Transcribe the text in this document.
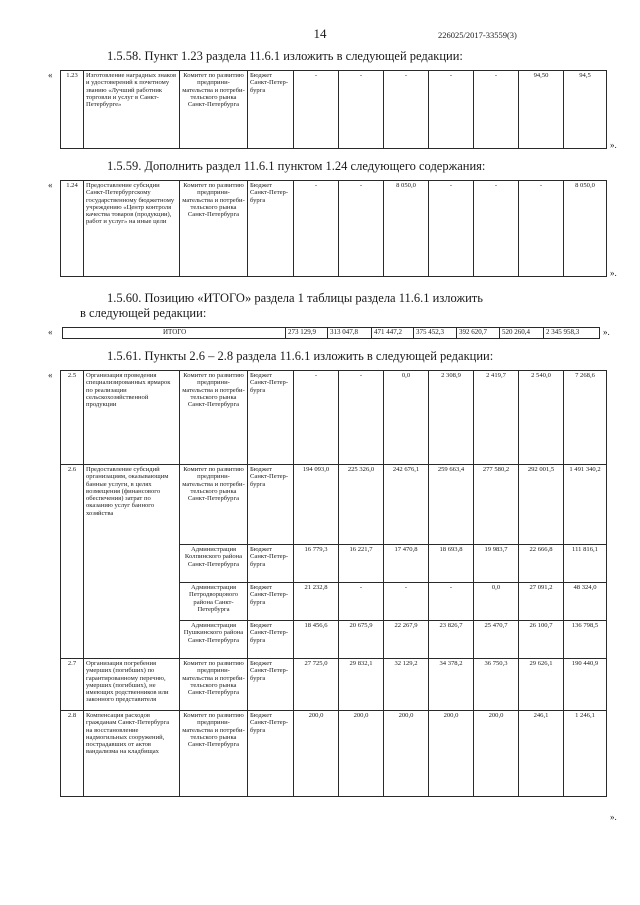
14	226025/2017-33559(3)
1.5.58. Пункт 1.23 раздела 11.6.1 изложить в следующей редакции:
« 1.23	Изготовление наградных знаков и удостоверений к почетному званию «Лучший работник торговли и услуг в Санкт-Петербурге»	Комитет по развитию предприни-мательства и потреби-тельского рынка Санкт-Петербурга	Бюджет Санкт-Петер-бурга	-	-	-	-	-	94,50	94,5
».
1.5.59. Дополнить раздел 11.6.1 пунктом 1.24 следующего содержания:
« 1.24	Предоставление субсидии Санкт-Петербургскому государственному бюджетному учреждению «Центр контроля качества товаров (продукции), работ и услуг» на иные цели	Комитет по развитию предприни-мательства и потреби-тельского рынка Санкт-Петербурга	Бюджет Санкт-Петер-бурга	-	-	8 050,0	-	-	-	8 050,0
».
1.5.60. Позицию «ИТОГО» раздела 1 таблицы раздела 11.6.1 изложить
в следующей редакции:
«	ИТОГО	273 129,9	313 047,8	471 447,2	375 452,3	392 620,7	520 260,4	2 345 958,3	».
1.5.61. Пункты 2.6 – 2.8 раздела 11.6.1 изложить в следующей редакции:
« 2.5	Организация проведения специализированных ярмарок по реализации сельскохозяйственной продукции	Комитет по развитию предприни-мательства и потреби-тельского рынка Санкт-Петербурга	Бюджет Санкт-Петер-бурга	-	-	0,0	2 308,9	2 419,7	2 540,0	7 268,6
2.6	Предоставление субсидий организациям, оказывающим банные услуги, в целях возмещения (финансового обеспечения) затрат по оказанию услуг банного хозяйства	Комитет по развитию предприни-мательства и потреби-тельского рынка Санкт-Петербурга	Бюджет Санкт-Петер-бурга	194 093,0	225 326,0	242 676,1	259 663,4	277 580,2	292 001,5	1 491 340,2
		Администрация Колпинского района Санкт-Петербурга	Бюджет Санкт-Петер-бурга	16 779,3	16 221,7	17 470,8	18 693,8	19 983,7	22 666,8	111 816,1
		Администрация Петродворцового района Санкт-Петербурга	Бюджет Санкт-Петер-бурга	21 232,8	-	-	-	0,0	27 091,2	48 324,0
		Администрация Пушкинского района Санкт-Петербурга	Бюджет Санкт-Петер-бурга	18 456,6	20 675,9	22 267,9	23 826,7	25 470,7	26 100,7	136 798,5
2.7	Организация погребения умерших (погибших) по гарантированному перечню, умерших (погибших), не имеющих родственников или законного представителя	Комитет по развитию предприни-мательства и потреби-тельского рынка Санкт-Петербурга	Бюджет Санкт-Петер-бурга	27 725,0	29 832,1	32 129,2	34 378,2	36 750,3	29 626,1	190 440,9
2.8	Компенсация расходов гражданам Санкт-Петербурга на восстановление надмогильных сооружений, пострадавших от актов вандализма на кладбищах	Комитет по развитию предприни-мательства и потреби-тельского рынка Санкт-Петербурга	Бюджет Санкт-Петер-бурга	200,0	200,0	200,0	200,0	200,0	246,1	1 246,1
».
